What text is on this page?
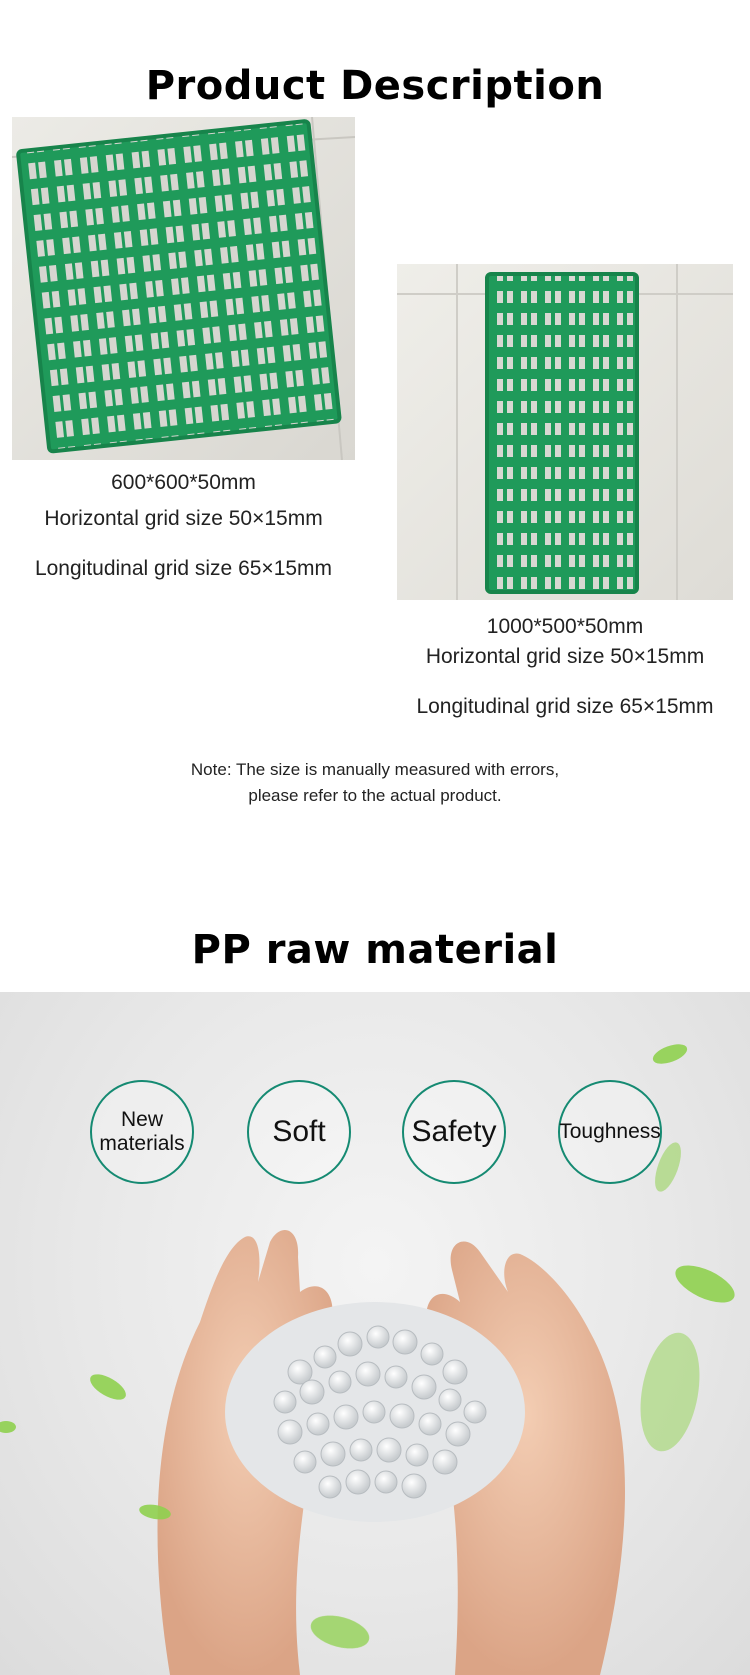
Product Description
600*600*50mm
Horizontal grid size 50×15mm
Longitudinal grid size 65×15mm
1000*500*50mm
Horizontal grid size 50×15mm
Longitudinal grid size 65×15mm
Note: The size is manually measured with errors,
please refer to the actual product.
PP raw material
New materials	Soft	Safety	Toughness
